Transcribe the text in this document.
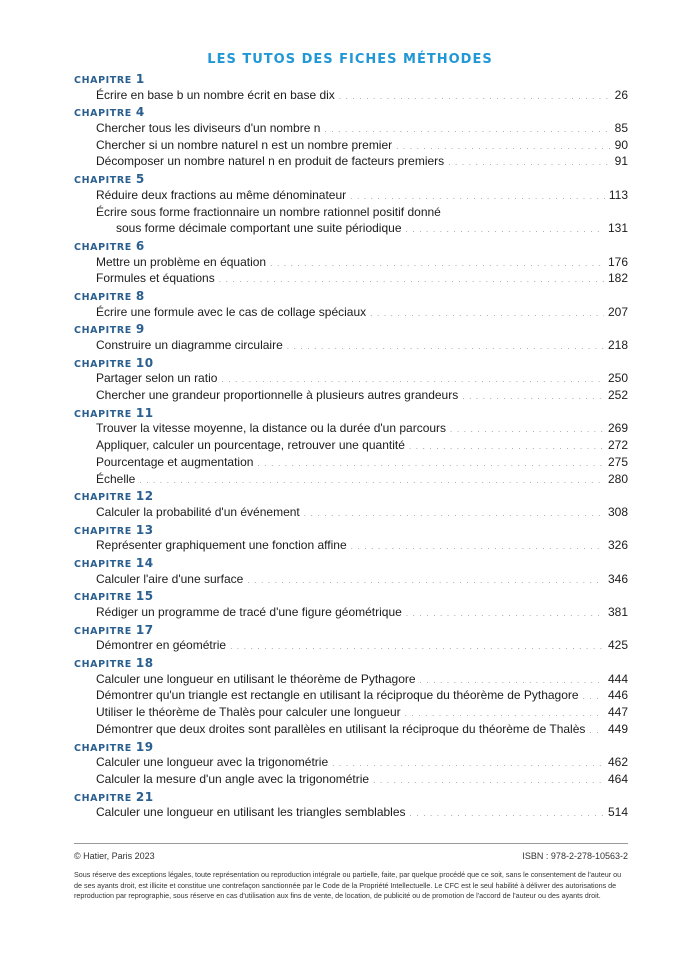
LES TUTOS DES FICHES MÉTHODES
CHAPITRE 1
Écrire en base b un nombre écrit en base dix . . .	26
CHAPITRE 4
Chercher tous les diviseurs d'un nombre n . . .	85
Chercher si un nombre naturel n est un nombre premier . . .	90
Décomposer un nombre naturel n en produit de facteurs premiers . . .	91
CHAPITRE 5
Réduire deux fractions au même dénominateur . . .	113
Écrire sous forme fractionnaire un nombre rationnel positif donné
sous forme décimale comportant une suite périodique . . .	131
CHAPITRE 6
Mettre un problème en équation . . .	176
Formules et équations . . .	182
CHAPITRE 8
Écrire une formule avec le cas de collage spéciaux . . .	207
CHAPITRE 9
Construire un diagramme circulaire . . .	218
CHAPITRE 10
Partager selon un ratio . . .	250
Chercher une grandeur proportionnelle à plusieurs autres grandeurs . . .	252
CHAPITRE 11
Trouver la vitesse moyenne, la distance ou la durée d'un parcours . . .	269
Appliquer, calculer un pourcentage, retrouver une quantité . . .	272
Pourcentage et augmentation . . .	275
Échelle . . .	280
CHAPITRE 12
Calculer la probabilité d'un événement . . .	308
CHAPITRE 13
Représenter graphiquement une fonction affine . . .	326
CHAPITRE 14
Calculer l'aire d'une surface . . .	346
CHAPITRE 15
Rédiger un programme de tracé d'une figure géométrique . . .	381
CHAPITRE 17
Démontrer en géométrie . . .	425
CHAPITRE 18
Calculer une longueur en utilisant le théorème de Pythagore . . .	444
Démontrer qu'un triangle est rectangle en utilisant la réciproque du théorème de Pythagore . . . 446
Utiliser le théorème de Thalès pour calculer une longueur . . .	447
Démontrer que deux droites sont parallèles en utilisant la réciproque du théorème de Thalès . . . 449
CHAPITRE 19
Calculer une longueur avec la trigonométrie . . .	462
Calculer la mesure d'un angle avec la trigonométrie . . .	464
CHAPITRE 21
Calculer une longueur en utilisant les triangles semblables . . .	514
© Hatier, Paris 2023	ISBN : 978-2-278-10563-2
Sous réserve des exceptions légales, toute représentation ou reproduction intégrale ou partielle, faite, par quelque procédé que ce soit, sans le consentement de l'auteur ou de ses ayants droit, est illicite et constitue une contrefaçon sanctionnée par le Code de la Propriété Intellectuelle. Le CFC est le seul habilité à délivrer des autorisations de reproduction par reprographie, sous réserve en cas d'utilisation aux fins de vente, de location, de publicité ou de promotion de l'accord de l'auteur ou des ayants droit.
